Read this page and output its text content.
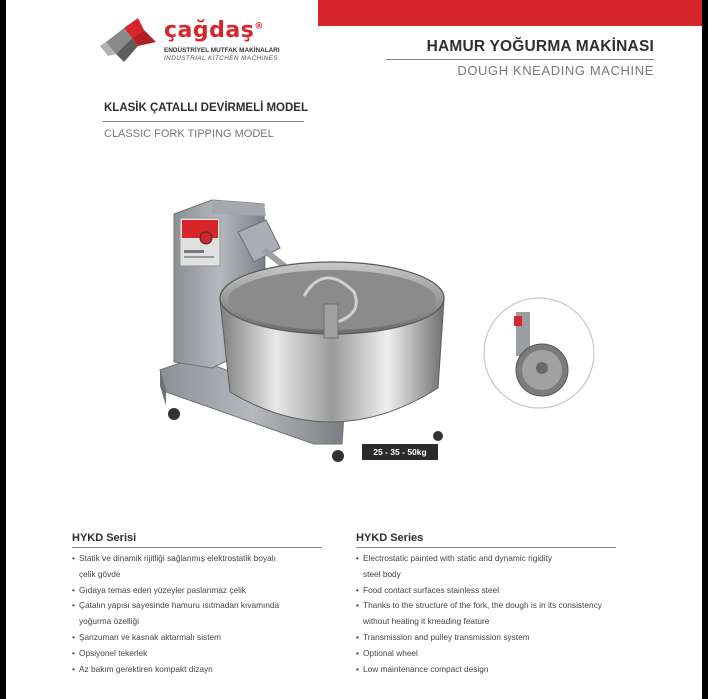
çağdaş®
ENDÜSTRİYEL MUTFAK MAKİNALARI
INDUSTRIAL KITCHEN MACHINES
HAMUR YOĞURMA MAKİNASI
DOUGH KNEADING MACHINE
KLASİK ÇATALLI DEVİRMELİ MODEL
CLASSIC FORK TIPPING MODEL
25 - 35 - 50kg
HYKD Serisi
• Statik ve dinamik rijitliği sağlanmış elektrostatik boyalı
çelik gövde
• Gıdaya temas eden yüzeyler paslanmaz çelik
• Çatalın yapısı sayesinde hamuru ısıtmadan kıvamında
yoğurma özelliği
• Şanzuman ve kasnak aktarmalı sistem
• Opsiyonel tekerlek
• Az bakım gerektiren kompakt dizayn
HYKD Series
• Electrostatic painted with static and dynamic rigidity
steel body
• Food contact surfaces stainless steel
• Thanks to the structure of the fork, the dough is in its consistency
without heating it kneading feature
• Transmission and pulley transmission system
• Optional wheel
• Low maintenance compact design
